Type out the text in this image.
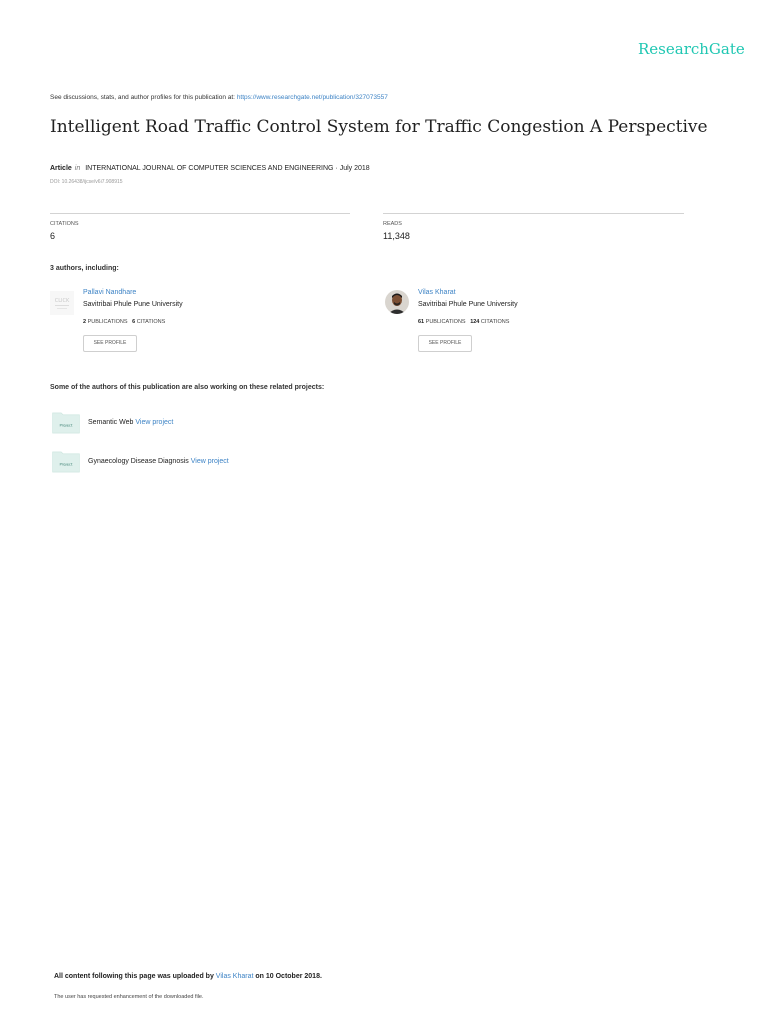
ResearchGate
See discussions, stats, and author profiles for this publication at: https://www.researchgate.net/publication/327073557
Intelligent Road Traffic Control System for Traffic Congestion A Perspective
Article in INTERNATIONAL JOURNAL OF COMPUTER SCIENCES AND ENGINEERING · July 2018
DOI: 10.26438/ijcse/v6i7.908915
CITATIONS
6
READS
11,348
3 authors, including:
CLICK
Pallavi Nandhare
Savitribai Phule Pune University
2 PUBLICATIONS 6 CITATIONS
SEE PROFILE
Vilas Kharat
Savitribai Phule Pune University
61 PUBLICATIONS 124 CITATIONS
SEE PROFILE
Some of the authors of this publication are also working on these related projects:
Project Semantic Web View project
Project Gynaecology Disease Diagnosis View project
All content following this page was uploaded by Vilas Kharat on 10 October 2018.
The user has requested enhancement of the downloaded file.
